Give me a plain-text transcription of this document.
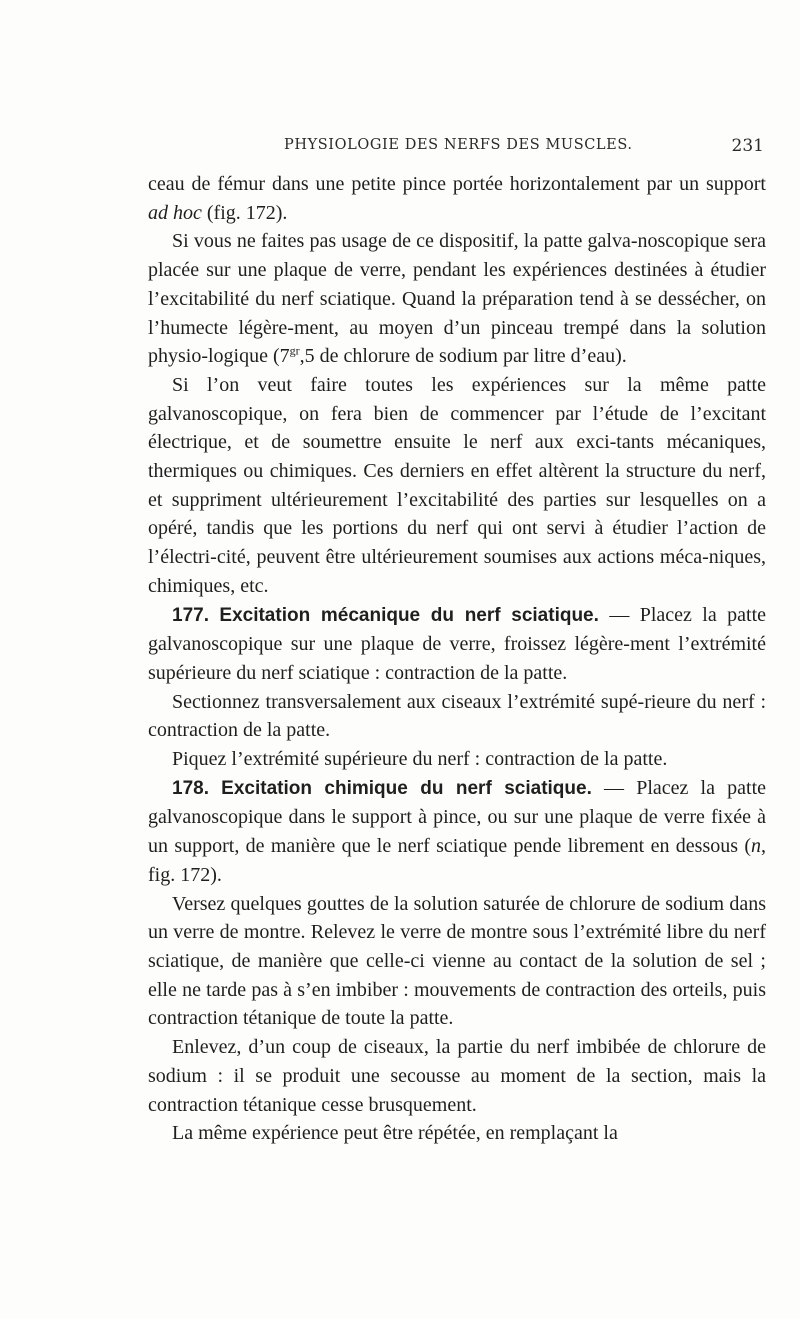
PHYSIOLOGIE DES NERFS DES MUSCLES.	231

ceau de fémur dans une petite pince portée horizontalement par un support ad hoc (fig. 172).

Si vous ne faites pas usage de ce dispositif, la patte galva-noscopique sera placée sur une plaque de verre, pendant les expériences destinées à étudier l’excitabilité du nerf sciatique. Quand la préparation tend à se dessécher, on l’humecte légère-ment, au moyen d’un pinceau trempé dans la solution physio-logique ($7^{gr},5$ de chlorure de sodium par litre d’eau).

Si l’on veut faire toutes les expériences sur la même patte galvanoscopique, on fera bien de commencer par l’étude de l’excitant électrique, et de soumettre ensuite le nerf aux exci-tants mécaniques, thermiques ou chimiques. Ces derniers en effet altèrent la structure du nerf, et suppriment ultérieurement l’excitabilité des parties sur lesquelles on a opéré, tandis que les portions du nerf qui ont servi à étudier l’action de l’électri-cité, peuvent être ultérieurement soumises aux actions méca-niques, chimiques, etc.

177. Excitation mécanique du nerf sciatique. — Placez la patte galvanoscopique sur une plaque de verre, froissez légère-ment l’extrémité supérieure du nerf sciatique : contraction de la patte.

Sectionnez transversalement aux ciseaux l’extrémité supé-rieure du nerf : contraction de la patte.

Piquez l’extrémité supérieure du nerf : contraction de la patte.

178. Excitation chimique du nerf sciatique. — Placez la patte galvanoscopique dans le support à pince, ou sur une plaque de verre fixée à un support, de manière que le nerf sciatique pende librement en dessous (n, fig. 172).

Versez quelques gouttes de la solution saturée de chlorure de sodium dans un verre de montre. Relevez le verre de montre sous l’extrémité libre du nerf sciatique, de manière que celle-ci vienne au contact de la solution de sel ; elle ne tarde pas à s’en imbiber : mouvements de contraction des orteils, puis contraction tétanique de toute la patte.

Enlevez, d’un coup de ciseaux, la partie du nerf imbibée de chlorure de sodium : il se produit une secousse au moment de la section, mais la contraction tétanique cesse brusquement.

La même expérience peut être répétée, en remplaçant la
